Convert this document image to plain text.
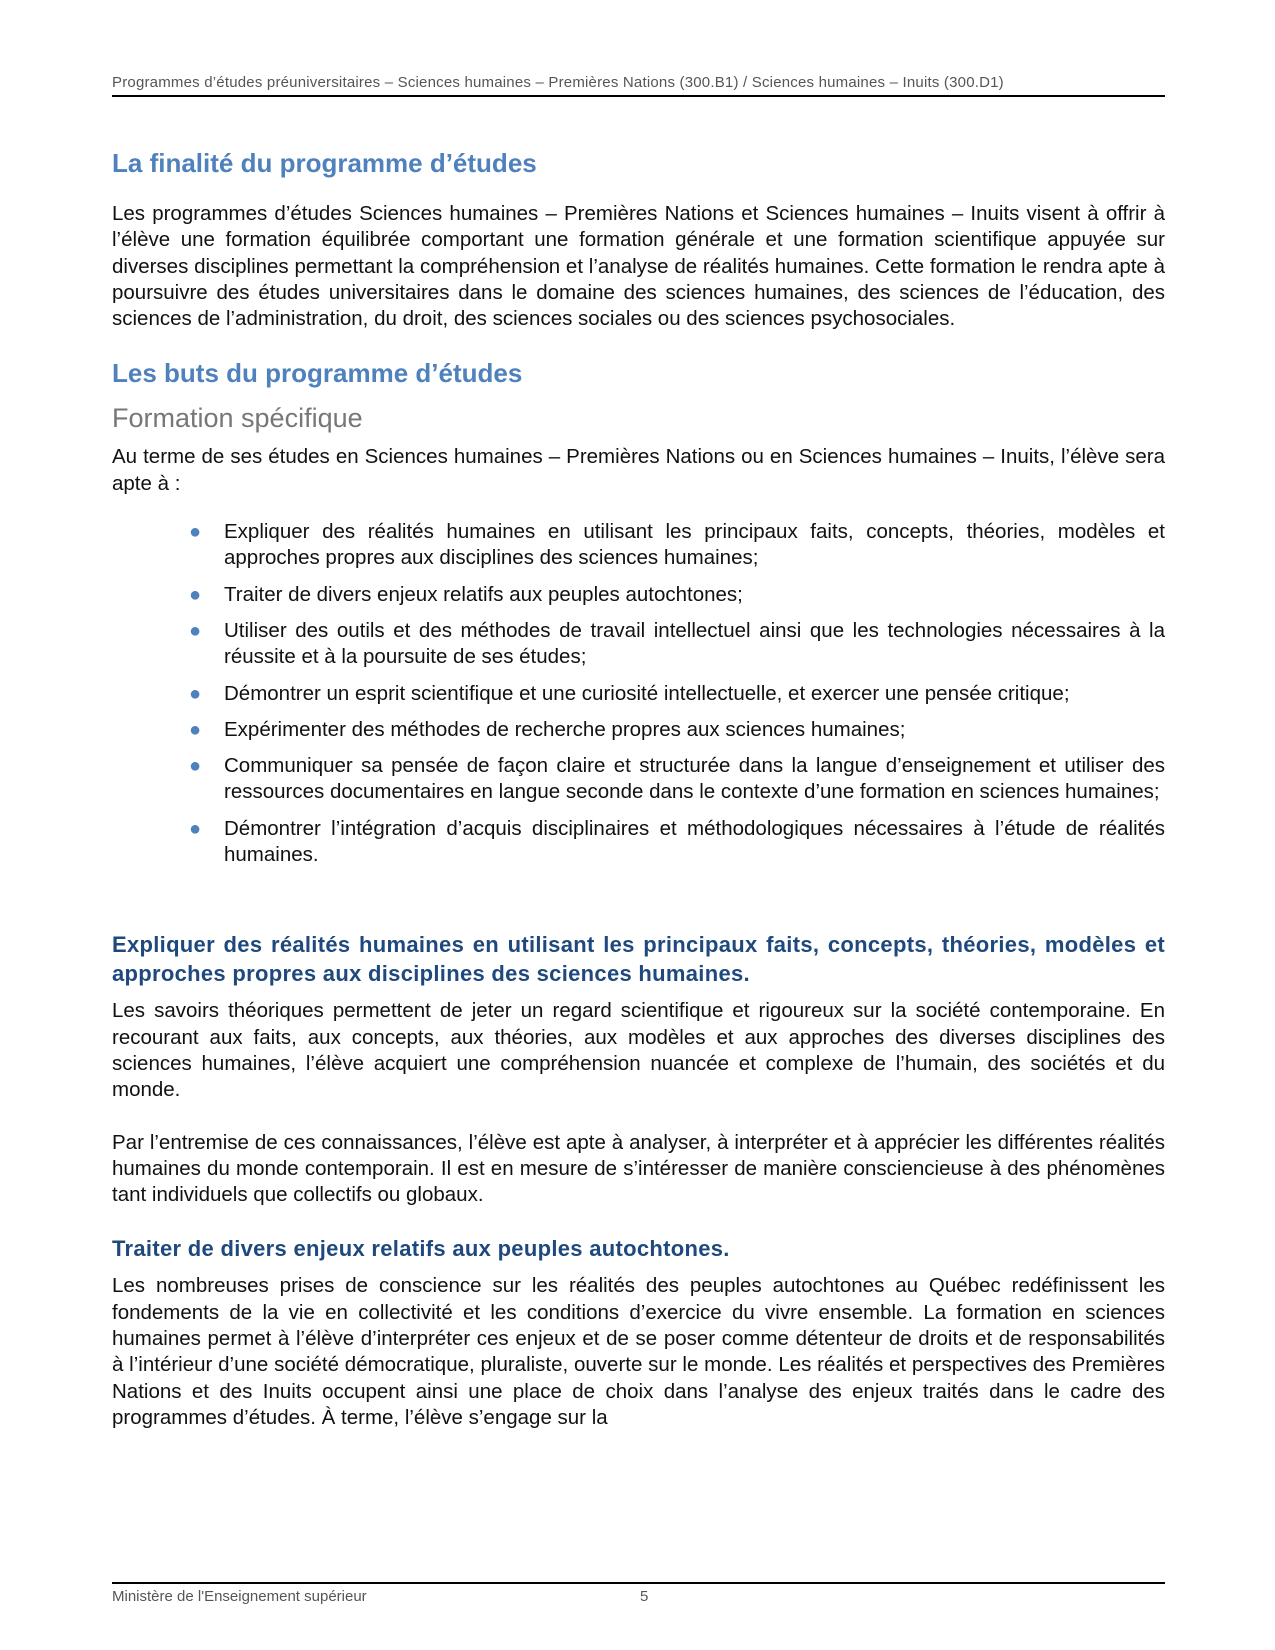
Programmes d’études préuniversitaires – Sciences humaines – Premières Nations (300.B1) / Sciences humaines – Inuits (300.D1)
La finalité du programme d’études

Les programmes d’études Sciences humaines – Premières Nations et Sciences humaines – Inuits visent à offrir à l’élève une formation équilibrée comportant une formation générale et une formation scientifique appuyée sur diverses disciplines permettant la compréhension et l’analyse de réalités humaines. Cette formation le rendra apte à poursuivre des études universitaires dans le domaine des sciences humaines, des sciences de l’éducation, des sciences de l’administration, du droit, des sciences sociales ou des sciences psychosociales.

Les buts du programme d’études
Formation spécifique

Au terme de ses études en Sciences humaines – Premières Nations ou en Sciences humaines – Inuits, l’élève sera apte à :

● Expliquer des réalités humaines en utilisant les principaux faits, concepts, théories, modèles et approches propres aux disciplines des sciences humaines;
● Traiter de divers enjeux relatifs aux peuples autochtones;
● Utiliser des outils et des méthodes de travail intellectuel ainsi que les technologies nécessaires à la réussite et à la poursuite de ses études;
● Démontrer un esprit scientifique et une curiosité intellectuelle, et exercer une pensée critique;
● Expérimenter des méthodes de recherche propres aux sciences humaines;
● Communiquer sa pensée de façon claire et structurée dans la langue d’enseignement et utiliser des ressources documentaires en langue seconde dans le contexte d’une formation en sciences humaines;
● Démontrer l’intégration d’acquis disciplinaires et méthodologiques nécessaires à l’étude de réalités humaines.
Expliquer des réalités humaines en utilisant les principaux faits, concepts, théories, modèles et approches propres aux disciplines des sciences humaines.

Les savoirs théoriques permettent de jeter un regard scientifique et rigoureux sur la société contemporaine. En recourant aux faits, aux concepts, aux théories, aux modèles et aux approches des diverses disciplines des sciences humaines, l’élève acquiert une compréhension nuancée et complexe de l’humain, des sociétés et du monde.

Par l’entremise de ces connaissances, l’élève est apte à analyser, à interpréter et à apprécier les différentes réalités humaines du monde contemporain. Il est en mesure de s’intéresser de manière consciencieuse à des phénomènes tant individuels que collectifs ou globaux.

Traiter de divers enjeux relatifs aux peuples autochtones.

Les nombreuses prises de conscience sur les réalités des peuples autochtones au Québec redéfinissent les fondements de la vie en collectivité et les conditions d’exercice du vivre ensemble. La formation en sciences humaines permet à l’élève d’interpréter ces enjeux et de se poser comme détenteur de droits et de responsabilités à l’intérieur d’une société démocratique, pluraliste, ouverte sur le monde. Les réalités et perspectives des Premières Nations et des Inuits occupent ainsi une place de choix dans l’analyse des enjeux traités dans le cadre des programmes d’études. À terme, l’élève s’engage sur la

Ministère de l'Enseignement supérieur	5
